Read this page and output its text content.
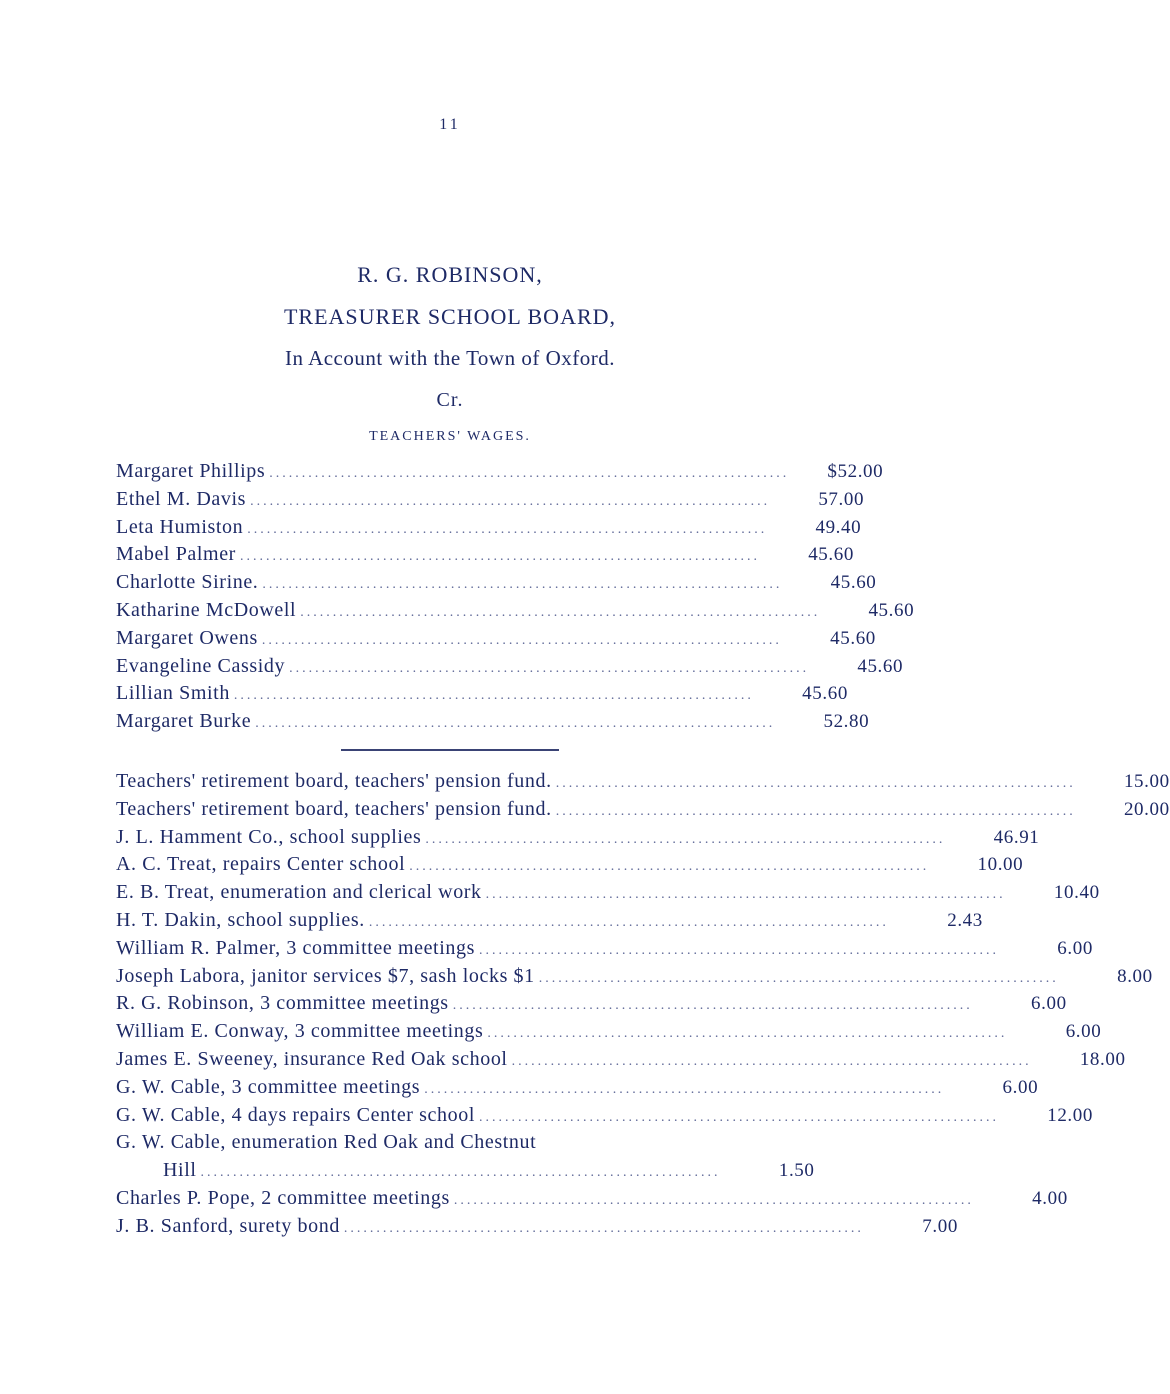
11
R. G. ROBINSON,
TREASURER SCHOOL BOARD,
In Account with the Town of Oxford.
Cr.
TEACHERS' WAGES.
Margaret Phillips ................................................................................	$52.00
Ethel M. Davis ................................................................................	57.00
Leta Humiston ................................................................................	49.40
Mabel Palmer ................................................................................	45.60
Charlotte Sirine. ................................................................................	45.60
Katharine McDowell ................................................................................	45.60
Margaret Owens ................................................................................	45.60
Evangeline Cassidy ................................................................................	45.60
Lillian Smith ................................................................................	45.60
Margaret Burke ................................................................................	52.80
Teachers' retirement board, teachers' pension fund. ................................................................................	15.00
Teachers' retirement board, teachers' pension fund. ................................................................................	20.00
J. L. Hamment Co., school supplies ................................................................................	46.91
A. C. Treat, repairs Center school ................................................................................	10.00
E. B. Treat, enumeration and clerical work ................................................................................	10.40
H. T. Dakin, school supplies. ................................................................................	2.43
William R. Palmer, 3 committee meetings ................................................................................	6.00
Joseph Labora, janitor services $7, sash locks $1 ................................................................................	8.00
R. G. Robinson, 3 committee meetings ................................................................................	6.00
William E. Conway, 3 committee meetings ................................................................................	6.00
James E. Sweeney, insurance Red Oak school ................................................................................	18.00
G. W. Cable, 3 committee meetings ................................................................................	6.00
G. W. Cable, 4 days repairs Center school ................................................................................	12.00
G. W. Cable, enumeration Red Oak and Chestnut
Hill ................................................................................	1.50
Charles P. Pope, 2 committee meetings ................................................................................	4.00
J. B. Sanford, surety bond ................................................................................	7.00
